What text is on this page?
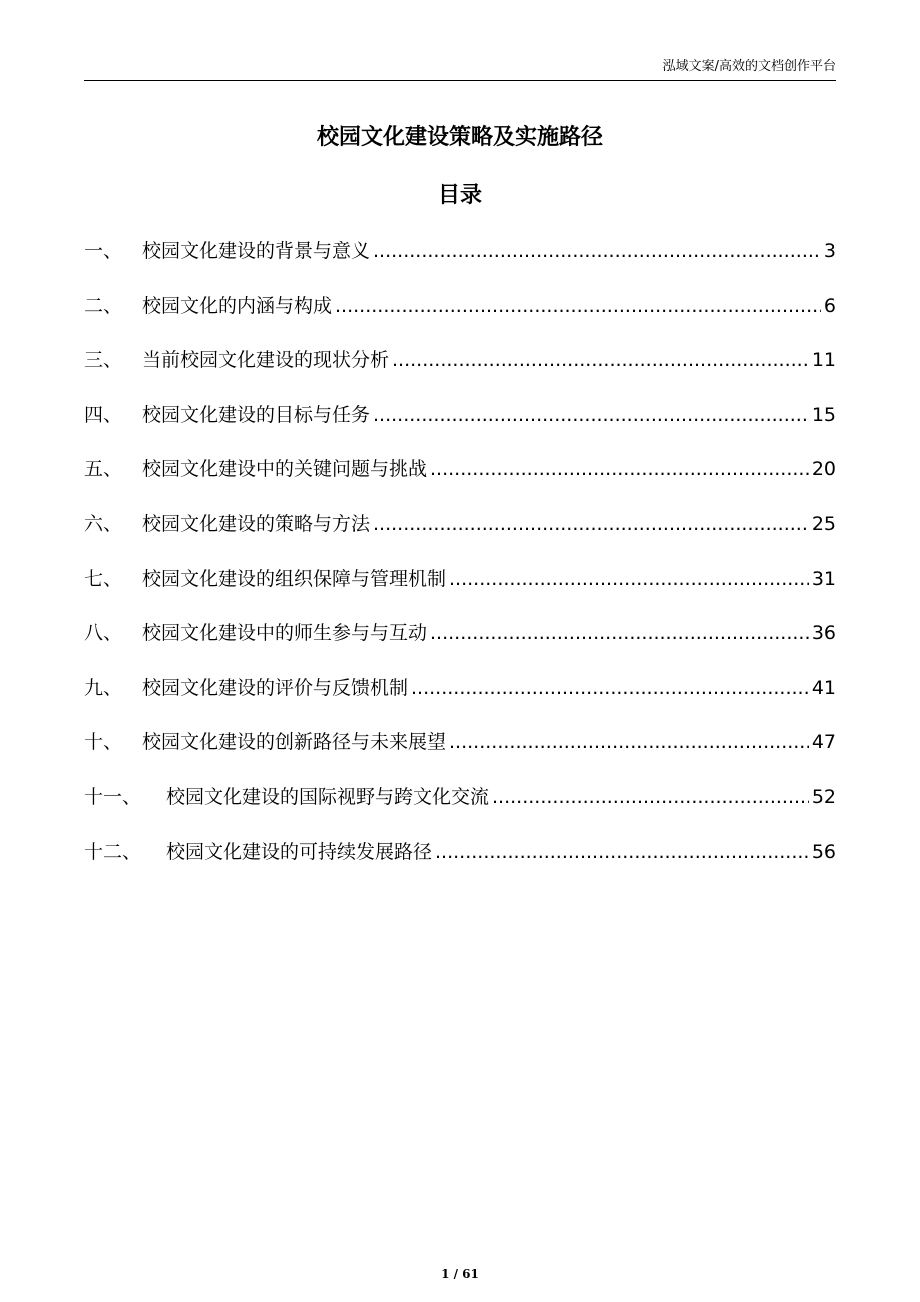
泓域文案/高效的文档创作平台
校园文化建设策略及实施路径
目录
一、	校园文化建设的背景与意义 .....	3
二、	校园文化的内涵与构成 .....	6
三、	当前校园文化建设的现状分析 .....	11
四、	校园文化建设的目标与任务 .....	15
五、	校园文化建设中的关键问题与挑战 .....	20
六、	校园文化建设的策略与方法 .....	25
七、	校园文化建设的组织保障与管理机制 .....	31
八、	校园文化建设中的师生参与与互动 .....	36
九、	校园文化建设的评价与反馈机制 .....	41
十、	校园文化建设的创新路径与未来展望 .....	47
十一、	校园文化建设的国际视野与跨文化交流 .....	52
十二、	校园文化建设的可持续发展路径 .....	56
1 / 61
